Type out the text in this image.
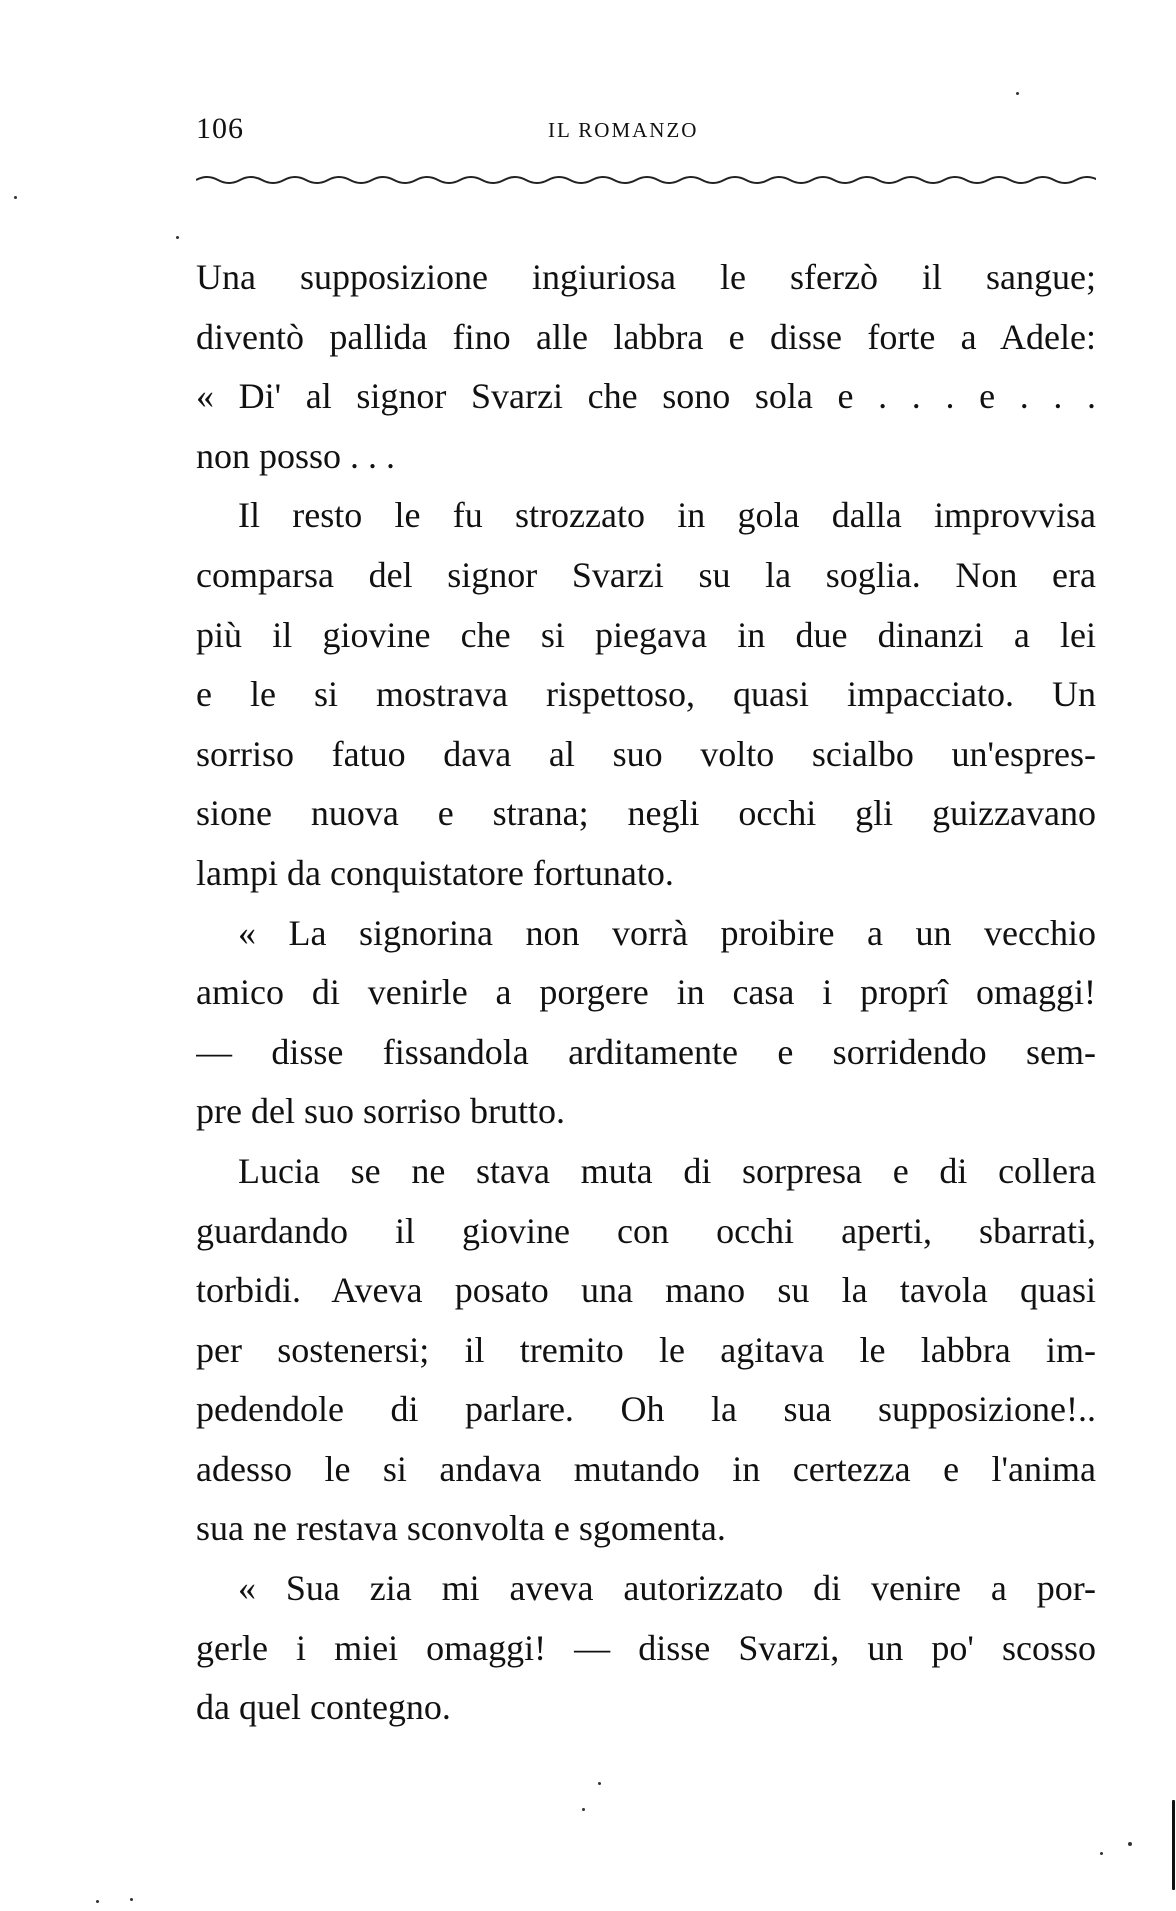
106	IL ROMANZO
Una supposizione ingiuriosa le sferzò il sangue;
diventò pallida fino alle labbra e disse forte a Adele:
« Di' al signor Svarzi che sono sola e . . . e . . .
non posso . . .
Il resto le fu strozzato in gola dalla improvvisa
comparsa del signor Svarzi su la soglia. Non era
più il giovine che si piegava in due dinanzi a lei
e le si mostrava rispettoso, quasi impacciato. Un
sorriso fatuo dava al suo volto scialbo un'espres-
sione nuova e strana; negli occhi gli guizzavano
lampi da conquistatore fortunato.
« La signorina non vorrà proibire a un vecchio
amico di venirle a porgere in casa i proprî omaggi!
— disse fissandola arditamente e sorridendo sem-
pre del suo sorriso brutto.
Lucia se ne stava muta di sorpresa e di collera
guardando il giovine con occhi aperti, sbarrati,
torbidi. Aveva posato una mano su la tavola quasi
per sostenersi; il tremito le agitava le labbra im-
pedendole di parlare. Oh la sua supposizione!..
adesso le si andava mutando in certezza e l'anima
sua ne restava sconvolta e sgomenta.
« Sua zia mi aveva autorizzato di venire a por-
gerle i miei omaggi! — disse Svarzi, un po' scosso
da quel contegno.
